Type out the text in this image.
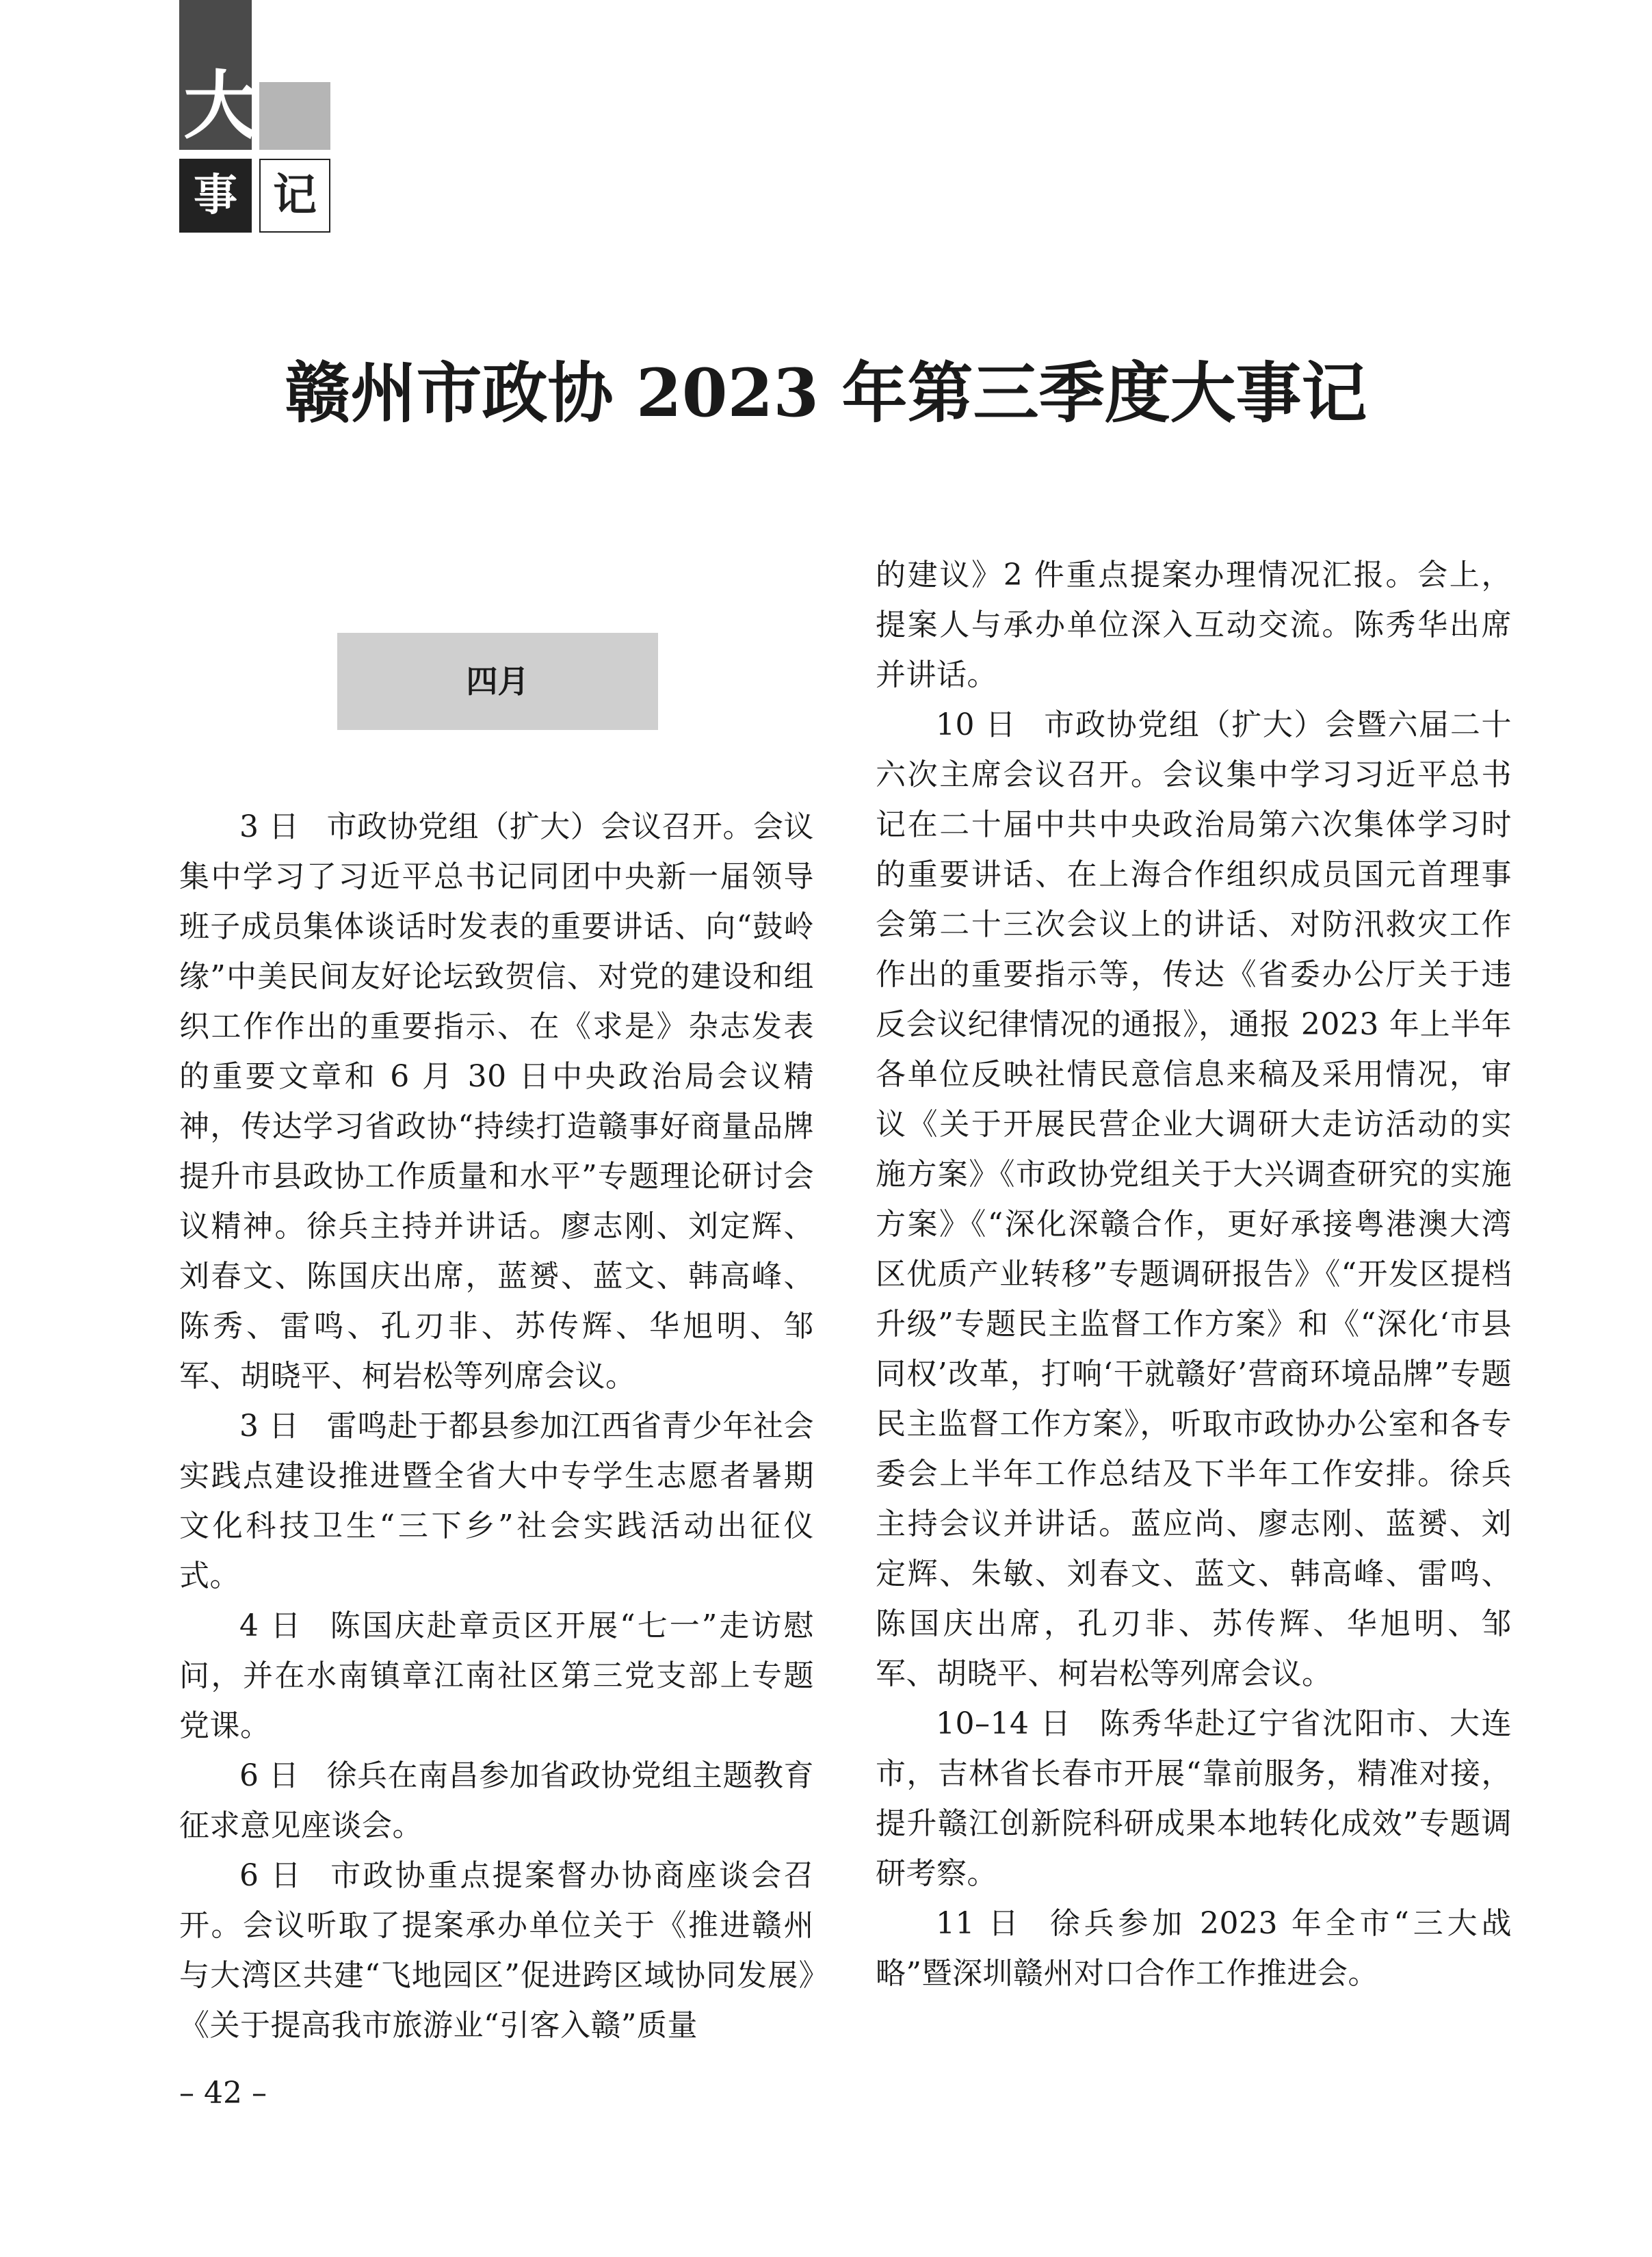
大
事 记
赣州市政协 2023 年第三季度大事记
四月

3 日 市政协党组（扩大）会议召开。会议集中学习了习近平总书记同团中央新一届领导班子成员集体谈话时发表的重要讲话、向“鼓岭缘”中美民间友好论坛致贺信、对党的建设和组织工作作出的重要指示、在《求是》杂志发表的重要文章和 6 月 30 日中央政治局会议精神，传达学习省政协“持续打造赣事好商量品牌提升市县政协工作质量和水平”专题理论研讨会议精神。徐兵主持并讲话。廖志刚、刘定辉、刘春文、陈国庆出席，蓝赟、蓝文、韩高峰、陈秀、雷鸣、孔刃非、苏传辉、华旭明、邹军、胡晓平、柯岩松等列席会议。

3 日 雷鸣赴于都县参加江西省青少年社会实践点建设推进暨全省大中专学生志愿者暑期文化科技卫生“三下乡”社会实践活动出征仪式。

4 日 陈国庆赴章贡区开展“七一”走访慰问，并在水南镇章江南社区第三党支部上专题党课。

6 日 徐兵在南昌参加省政协党组主题教育征求意见座谈会。

6 日 市政协重点提案督办协商座谈会召开。会议听取了提案承办单位关于《推进赣州与大湾区共建“飞地园区”促进跨区域协同发展》《关于提高我市旅游业“引客入赣”质量

的建议》2 件重点提案办理情况汇报。会上，提案人与承办单位深入互动交流。陈秀华出席并讲话。

10 日 市政协党组（扩大）会暨六届二十六次主席会议召开。会议集中学习习近平总书记在二十届中共中央政治局第六次集体学习时的重要讲话、在上海合作组织成员国元首理事会第二十三次会议上的讲话、对防汛救灾工作作出的重要指示等，传达《省委办公厅关于违反会议纪律情况的通报》，通报 2023 年上半年各单位反映社情民意信息来稿及采用情况，审议《关于开展民营企业大调研大走访活动的实施方案》《市政协党组关于大兴调查研究的实施方案》《“深化深赣合作，更好承接粤港澳大湾区优质产业转移”专题调研报告》《“开发区提档升级”专题民主监督工作方案》和《“深化‘市县同权’改革，打响‘干就赣好’营商环境品牌”专题民主监督工作方案》，听取市政协办公室和各专委会上半年工作总结及下半年工作安排。徐兵主持会议并讲话。蓝应尚、廖志刚、蓝赟、刘定辉、朱敏、刘春文、蓝文、韩高峰、雷鸣、陈国庆出席，孔刃非、苏传辉、华旭明、邹军、胡晓平、柯岩松等列席会议。

10–14 日 陈秀华赴辽宁省沈阳市、大连市，吉林省长春市开展“靠前服务，精准对接，提升赣江创新院科研成果本地转化成效”专题调研考察。

11 日 徐兵参加 2023 年全市“三大战略”暨深圳赣州对口合作工作推进会。

– 42 –
